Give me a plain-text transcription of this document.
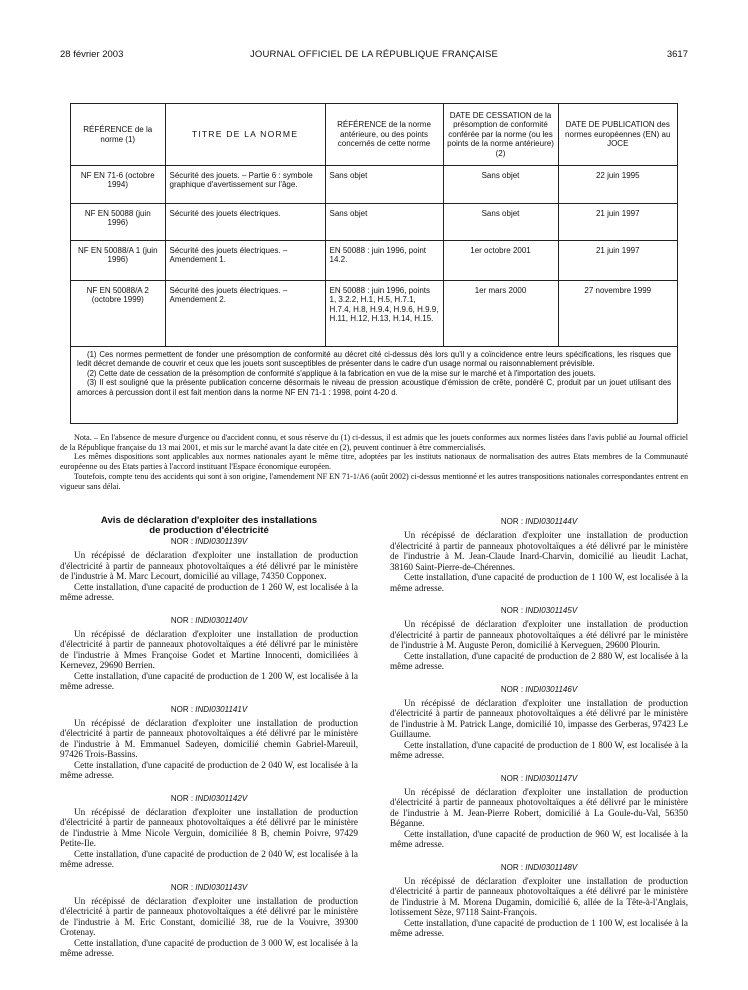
28 février 2003	JOURNAL OFFICIEL DE LA RÉPUBLIQUE FRANÇAISE	3617
RÉFÉRENCE de la norme (1)	TITRE DE LA NORME	RÉFÉRENCE de la norme antérieure, ou des points concernés de cette norme	DATE DE CESSATION de la présomption de conformité conférée par la norme (ou les points de la norme antérieure) (2)	DATE DE PUBLICATION des normes européennes (EN) au JOCE
NF EN 71-6 (octobre 1994)	Sécurité des jouets. – Partie 6 : symbole graphique d'avertissement sur l'âge.	Sans objet	Sans objet	22 juin 1995
NF EN 50088 (juin 1996)	Sécurité des jouets électriques.	Sans objet	Sans objet	21 juin 1997
NF EN 50088/A 1 (juin 1996)	Sécurité des jouets électriques. – Amendement 1.	EN 50088 : juin 1996, point 14.2.	1er octobre 2001	21 juin 1997
NF EN 50088/A 2 (octobre 1999)	Sécurité des jouets électriques. – Amendement 2.	EN 50088 : juin 1996, points 1, 3.2.2, H.1, H.5, H.7.1, H.7.4, H.8, H.9.4, H.9.6, H.9.9, H.11, H.12, H.13, H.14, H.15.	1er mars 2000	27 novembre 1999

(1) Ces normes permettent de fonder une présomption de conformité au décret cité ci-dessus dès lors qu'il y a coïncidence entre leurs spécifications, les risques que ledit décret demande de couvrir et ceux que les jouets sont susceptibles de présenter dans le cadre d'un usage normal ou raisonnablement prévisible.

(2) Cette date de cessation de la présomption de conformité s'applique à la fabrication en vue de la mise sur le marché et à l'importation des jouets.

(3) Il est souligné que la présente publication concerne désormais le niveau de pression acoustique d'émission de crête, pondéré C, produit par un jouet utilisant des amorces à percussion dont il est fait mention dans la norme NF EN 71-1 : 1998, point 4-20 d.

Nota. – En l'absence de mesure d'urgence ou d'accident connu, et sous réserve du (1) ci-dessus, il est admis que les jouets conformes aux normes listées dans l'avis publié au Journal officiel de la République française du 13 mai 2001, et mis sur le marché avant la date citée en (2), peuvent continuer à être commercialisés.

Les mêmes dispositions sont applicables aux normes nationales ayant le même titre, adoptées par les instituts nationaux de normalisation des autres Etats membres de la Communauté européenne ou des Etats parties à l'accord instituant l'Espace économique européen.

Toutefois, compte tenu des accidents qui sont à son origine, l'amendement NF EN 71-1/A6 (août 2002) ci-dessus mentionné et les autres transpositions nationales correspondantes entrent en vigueur sans délai.

Avis de déclaration d'exploiter des installations
de production d'électricité
NOR : INDI0301139V

Un récépissé de déclaration d'exploiter une installation de production d'électricité à partir de panneaux photovoltaïques a été délivré par le ministère de l'industrie à M. Marc Lecourt, domicilié au village, 74350 Copponex.

Cette installation, d'une capacité de production de 1 260 W, est localisée à la même adresse.

NOR : INDI0301140V

Un récépissé de déclaration d'exploiter une installation de production d'électricité à partir de panneaux photovoltaïques a été délivré par le ministère de l'industrie à Mmes Françoise Godet et Martine Innocenti, domiciliées à Kernevez, 29690 Berrien.

Cette installation, d'une capacité de production de 1 200 W, est localisée à la même adresse.

NOR : INDI0301141V

Un récépissé de déclaration d'exploiter une installation de production d'électricité à partir de panneaux photovoltaïques a été délivré par le ministère de l'industrie à M. Emmanuel Sadeyen, domicilié chemin Gabriel-Mareuil, 97426 Trois-Bassins.

Cette installation, d'une capacité de production de 2 040 W, est localisée à la même adresse.

NOR : INDI0301142V

Un récépissé de déclaration d'exploiter une installation de production d'électricité à partir de panneaux photovoltaïques a été délivré par le ministère de l'industrie à Mme Nicole Verguin, domiciliée 8 B, chemin Poivre, 97429 Petite-Ile.

Cette installation, d'une capacité de production de 2 040 W, est localisée à la même adresse.

NOR : INDI0301143V

Un récépissé de déclaration d'exploiter une installation de production d'électricité à partir de panneaux photovoltaïques a été délivré par le ministère de l'industrie à M. Eric Constant, domicilié 38, rue de la Vouivre, 39300 Crotenay.

Cette installation, d'une capacité de production de 3 000 W, est localisée à la même adresse.

NOR : INDI0301144V

Un récépissé de déclaration d'exploiter une installation de production d'électricité à partir de panneaux photovoltaïques a été délivré par le ministère de l'industrie à M. Jean-Claude Inard-Charvin, domicilié au lieudit Lachat, 38160 Saint-Pierre-de-Chérennes.

Cette installation, d'une capacité de production de 1 100 W, est localisée à la même adresse.

NOR : INDI0301145V

Un récépissé de déclaration d'exploiter une installation de production d'électricité à partir de panneaux photovoltaïques a été délivré par le ministère de l'industrie à M. Auguste Peron, domicilié à Kerveguen, 29600 Plourin.

Cette installation, d'une capacité de production de 2 880 W, est localisée à la même adresse.

NOR : INDI0301146V

Un récépissé de déclaration d'exploiter une installation de production d'électricité à partir de panneaux photovoltaïques a été délivré par le ministère de l'industrie à M. Patrick Lange, domicilié 10, impasse des Gerberas, 97423 Le Guillaume.

Cette installation, d'une capacité de production de 1 800 W, est localisée à la même adresse.

NOR : INDI0301147V

Un récépissé de déclaration d'exploiter une installation de production d'électricité à partir de panneaux photovoltaïques a été délivré par le ministère de l'industrie à M. Jean-Pierre Robert, domicilié à La Goule-du-Val, 56350 Béganne.

Cette installation, d'une capacité de production de 960 W, est localisée à la même adresse.

NOR : INDI0301148V

Un récépissé de déclaration d'exploiter une installation de production d'électricité à partir de panneaux photovoltaïques a été délivré par le ministère de l'industrie à M. Morena Dugamin, domicilié 6, allée de la Tête-à-l'Anglais, lotissement Sèze, 97118 Saint-François.

Cette installation, d'une capacité de production de 1 100 W, est localisée à la même adresse.
